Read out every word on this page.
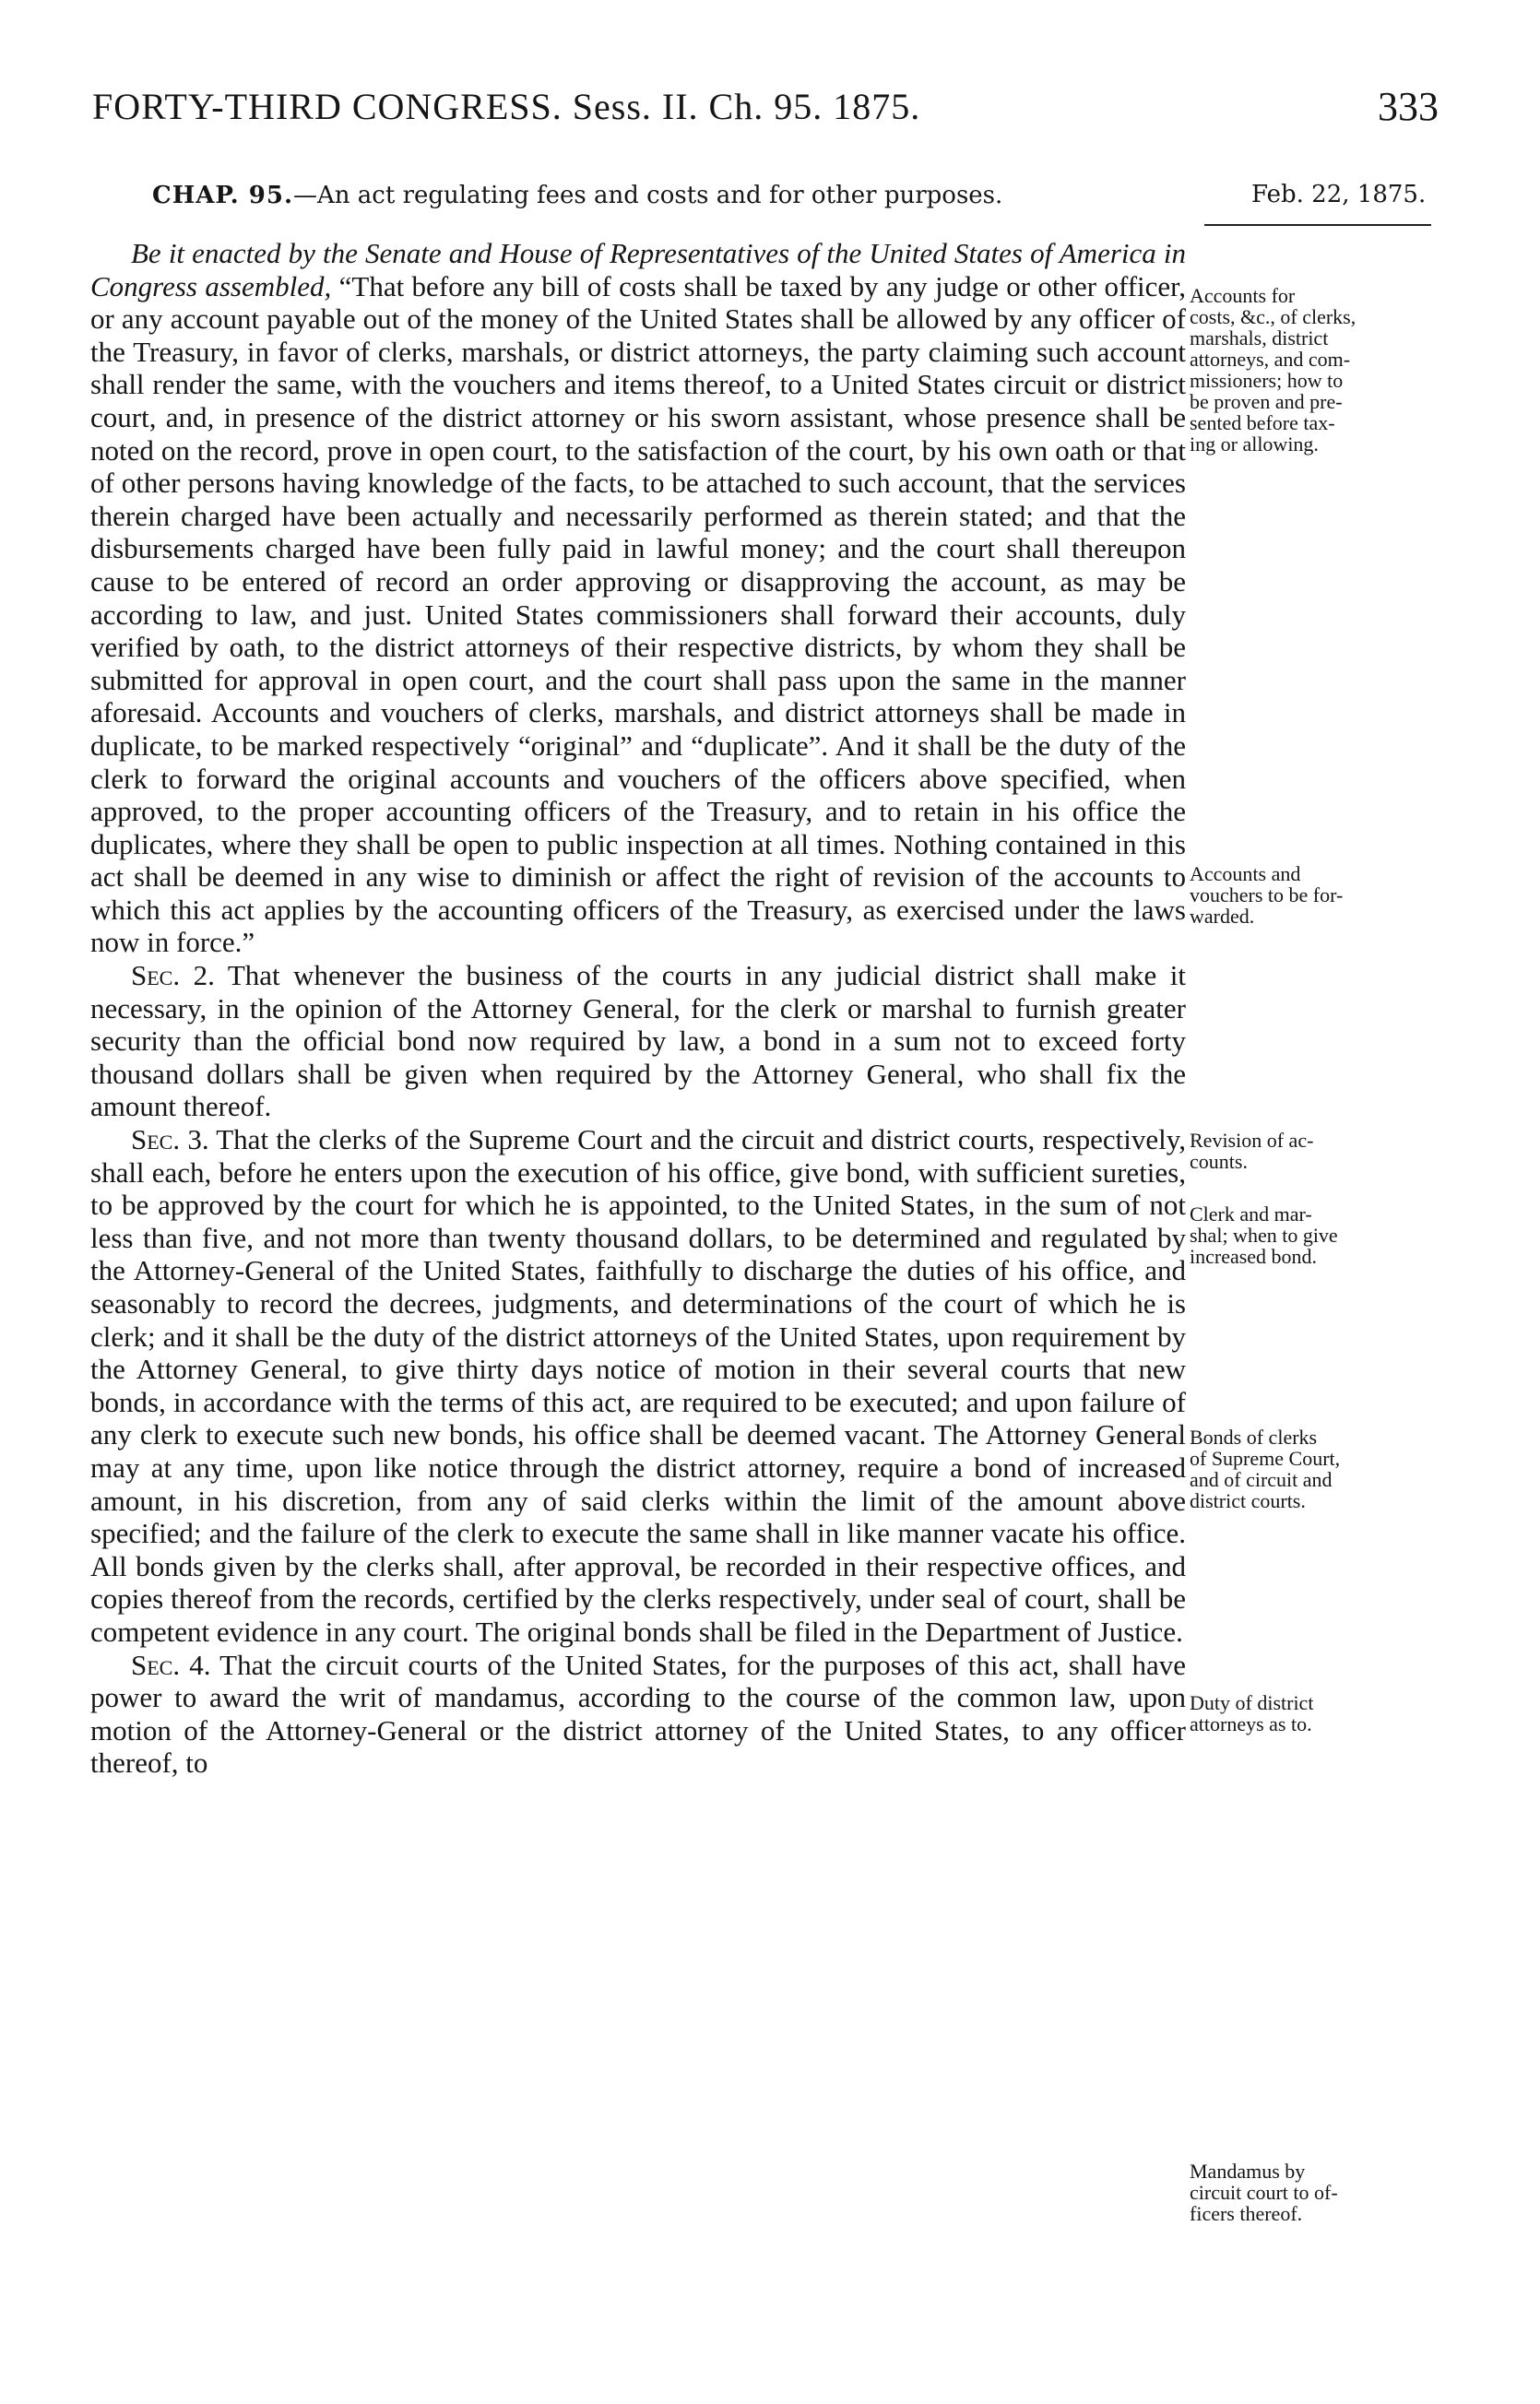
FORTY-THIRD CONGRESS. Sess. II. Ch. 95. 1875.	333
CHAP. 95.—An act regulating fees and costs and for other purposes.	Feb. 22, 1875.

Be it enacted by the Senate and House of Representatives of the United States of America in Congress assembled, “That before any bill of costs shall be taxed by any judge or other officer, or any account payable out of the money of the United States shall be allowed by any officer of the Treasury, in favor of clerks, marshals, or district attorneys, the party claiming such account shall render the same, with the vouchers and items thereof, to a United States circuit or district court, and, in presence of the district attorney or his sworn assistant, whose presence shall be noted on the record, prove in open court, to the satisfaction of the court, by his own oath or that of other persons having knowledge of the facts, to be attached to such account, that the services therein charged have been actually and necessarily performed as therein stated; and that the disbursements charged have been fully paid in lawful money; and the court shall thereupon cause to be entered of record an order approving or disapproving the account, as may be according to law, and just. United States commissioners shall forward their accounts, duly verified by oath, to the district attorneys of their respective districts, by whom they shall be submitted for approval in open court, and the court shall pass upon the same in the manner aforesaid. Accounts and vouchers of clerks, marshals, and district attorneys shall be made in duplicate, to be marked respectively “original” and “duplicate”. And it shall be the duty of the clerk to forward the original accounts and vouchers of the officers above specified, when approved, to the proper accounting officers of the Treasury, and to retain in his office the duplicates, where they shall be open to public inspection at all times. Nothing contained in this act shall be deemed in any wise to diminish or affect the right of revision of the accounts to which this act applies by the accounting officers of the Treasury, as exercised under the laws now in force.”

Sec. 2. That whenever the business of the courts in any judicial district shall make it necessary, in the opinion of the Attorney General, for the clerk or marshal to furnish greater security than the official bond now required by law, a bond in a sum not to exceed forty thousand dollars shall be given when required by the Attorney General, who shall fix the amount thereof.

Sec. 3. That the clerks of the Supreme Court and the circuit and district courts, respectively, shall each, before he enters upon the execution of his office, give bond, with sufficient sureties, to be approved by the court for which he is appointed, to the United States, in the sum of not less than five, and not more than twenty thousand dollars, to be determined and regulated by the Attorney-General of the United States, faithfully to discharge the duties of his office, and seasonably to record the decrees, judgments, and determinations of the court of which he is clerk; and it shall be the duty of the district attorneys of the United States, upon requirement by the Attorney General, to give thirty days notice of motion in their several courts that new bonds, in accordance with the terms of this act, are required to be executed; and upon failure of any clerk to execute such new bonds, his office shall be deemed vacant. The Attorney General may at any time, upon like notice through the district attorney, require a bond of increased amount, in his discretion, from any of said clerks within the limit of the amount above specified; and the failure of the clerk to execute the same shall in like manner vacate his office. All bonds given by the clerks shall, after approval, be recorded in their respective offices, and copies thereof from the records, certified by the clerks respectively, under seal of court, shall be competent evidence in any court. The original bonds shall be filed in the Department of Justice.

Sec. 4. That the circuit courts of the United States, for the purposes of this act, shall have power to award the writ of mandamus, according to the course of the common law, upon motion of the Attorney-General or the district attorney of the United States, to any officer thereof, to

Accounts for
costs, &c., of clerks,
marshals, district
attorneys, and com-
missioners; how to
be proven and pre-
sented before tax-
ing or allowing.
Accounts and
vouchers to be for-
warded.
Revision of ac-
counts.
Clerk and mar-
shal; when to give
increased bond.
Bonds of clerks
of Supreme Court,
and of circuit and
district courts.
Duty of district
attorneys as to.
Mandamus by
circuit court to of-
ficers thereof.
